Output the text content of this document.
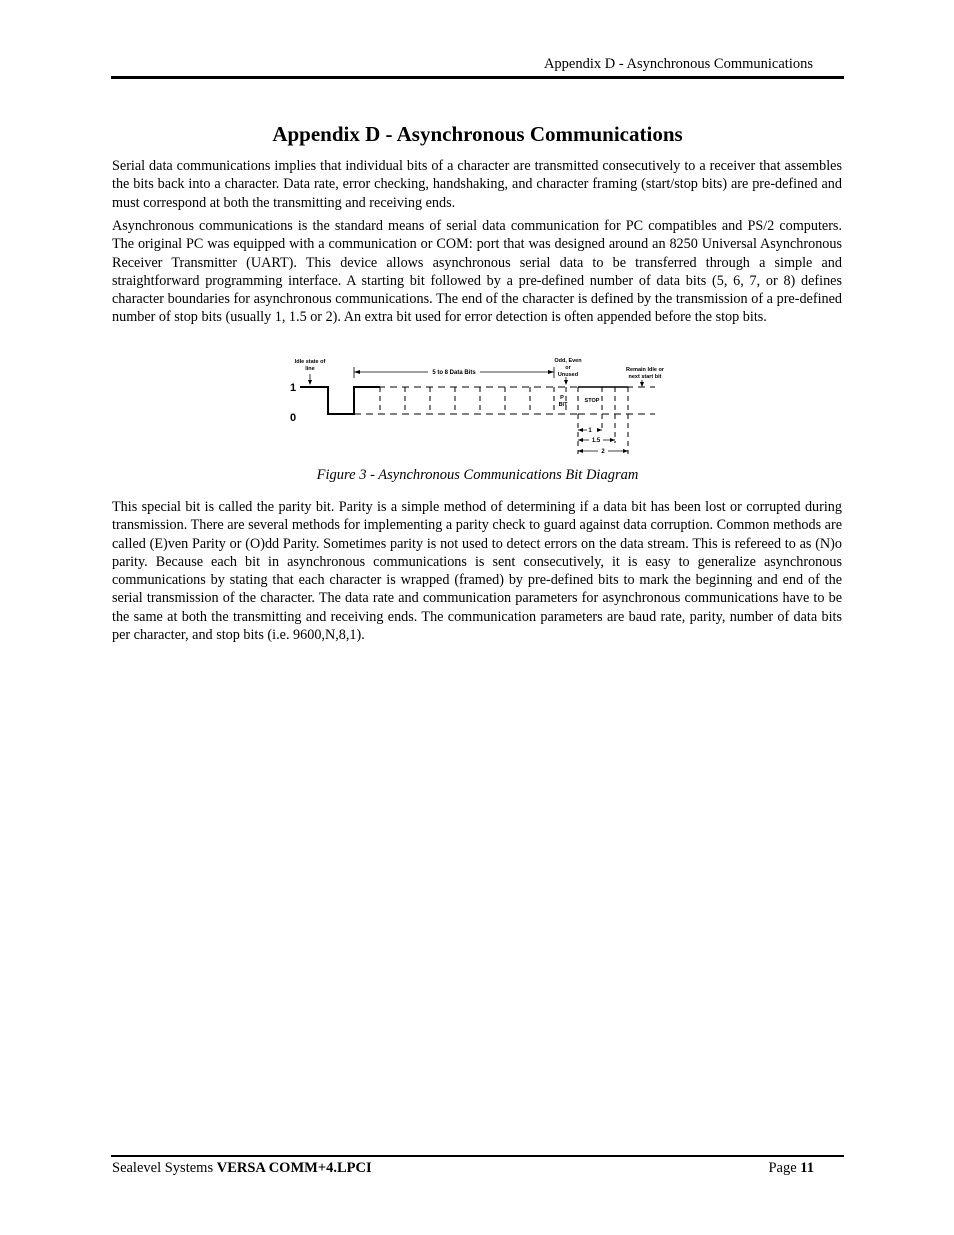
Appendix D - Asynchronous Communications
Appendix D - Asynchronous Communications

Serial data communications implies that individual bits of a character are transmitted consecutively to a receiver that assembles the bits back into a character. Data rate, error checking, handshaking, and character framing (start/stop bits) are pre-defined and must correspond at both the transmitting and receiving ends.

Asynchronous communications is the standard means of serial data communication for PC compatibles and PS/2 computers. The original PC was equipped with a communication or COM: port that was designed around an 8250 Universal Asynchronous Receiver Transmitter (UART). This device allows asynchronous serial data to be transferred through a simple and straightforward programming interface. A starting bit followed by a pre-defined number of data bits (5, 6, 7, or 8) defines character boundaries for asynchronous communications. The end of the character is defined by the transmission of a pre-defined number of stop bits (usually 1, 1.5 or 2). An extra bit used for error detection is often appended before the stop bits.

Idle state of
line
5 to 8 Data Bits
Odd, Even
or
Unused
Remain Idle or
next start bit
1
0
P
BIT
STOP
1
1.5
2
Figure 3 - Asynchronous Communications Bit Diagram

This special bit is called the parity bit. Parity is a simple method of determining if a data bit has been lost or corrupted during transmission. There are several methods for implementing a parity check to guard against data corruption. Common methods are called (E)ven Parity or (O)dd Parity. Sometimes parity is not used to detect errors on the data stream. This is refereed to as (N)o parity. Because each bit in asynchronous communications is sent consecutively, it is easy to generalize asynchronous communications by stating that each character is wrapped (framed) by pre-defined bits to mark the beginning and end of the serial transmission of the character. The data rate and communication parameters for asynchronous communications have to be the same at both the transmitting and receiving ends. The communication parameters are baud rate, parity, number of data bits per character, and stop bits (i.e. 9600,N,8,1).

Sealevel Systems VERSA COMM+4.LPCI	Page 11
